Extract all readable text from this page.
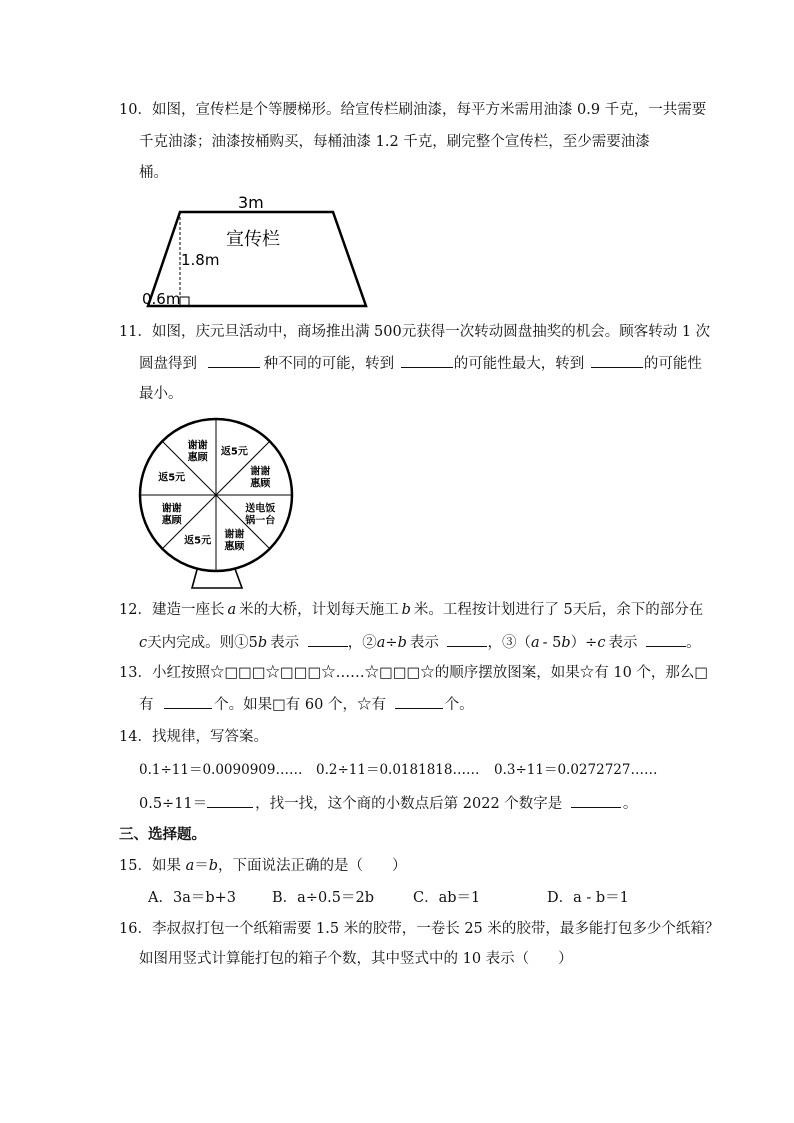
10．如图，宣传栏是个等腰梯形。给宣传栏刷油漆，每平方米需用油漆 0.9 千克，一共需要
千克油漆；油漆按桶购买，每桶油漆 1.2 千克，刷完整个宣传栏，至少需要油漆
桶。
3m
宣传栏
1.8m
0.6m
11．如图，庆元旦活动中，商场推出满 500元获得一次转动圆盘抽奖的机会。顾客转动 1 次
圆盘得到	种不同的可能，转到	的可能性最大，转到	的可能性
最小。
谢谢
惠顾
返5元
谢谢
惠顾
送电饭
锅一台
谢谢
惠顾
返5元
谢谢
惠顾
返5元
12．建造一座长 a 米的大桥，计划每天施工 b 米。工程按计划进行了 5天后，余下的部分在
c天内完成。则①5b 表示	，②a÷b 表示	，③（a - 5b）÷c 表示	。
13．小红按照☆□□□☆□□□☆……☆□□□☆的顺序摆放图案，如果☆有 10 个，那么□
有	个。如果□有 60 个，☆有	个。
14．找规律，写答案。
0.1÷11＝0.0090909…… 0.2÷11＝0.0181818…… 0.3÷11＝0.0272727……
0.5÷11＝	，找一找，这个商的小数点后第 2022 个数字是	。
三、选择题。
15．如果 a＝b，下面说法正确的是（　　）
A．3a＝b+3 B．a÷0.5＝2b	C．ab＝1	D．a - b＝1
16．李叔叔打包一个纸箱需要 1.5 米的胶带，一卷长 25 米的胶带，最多能打包多少个纸箱？
如图用竖式计算能打包的箱子个数，其中竖式中的 10 表示（　　）
